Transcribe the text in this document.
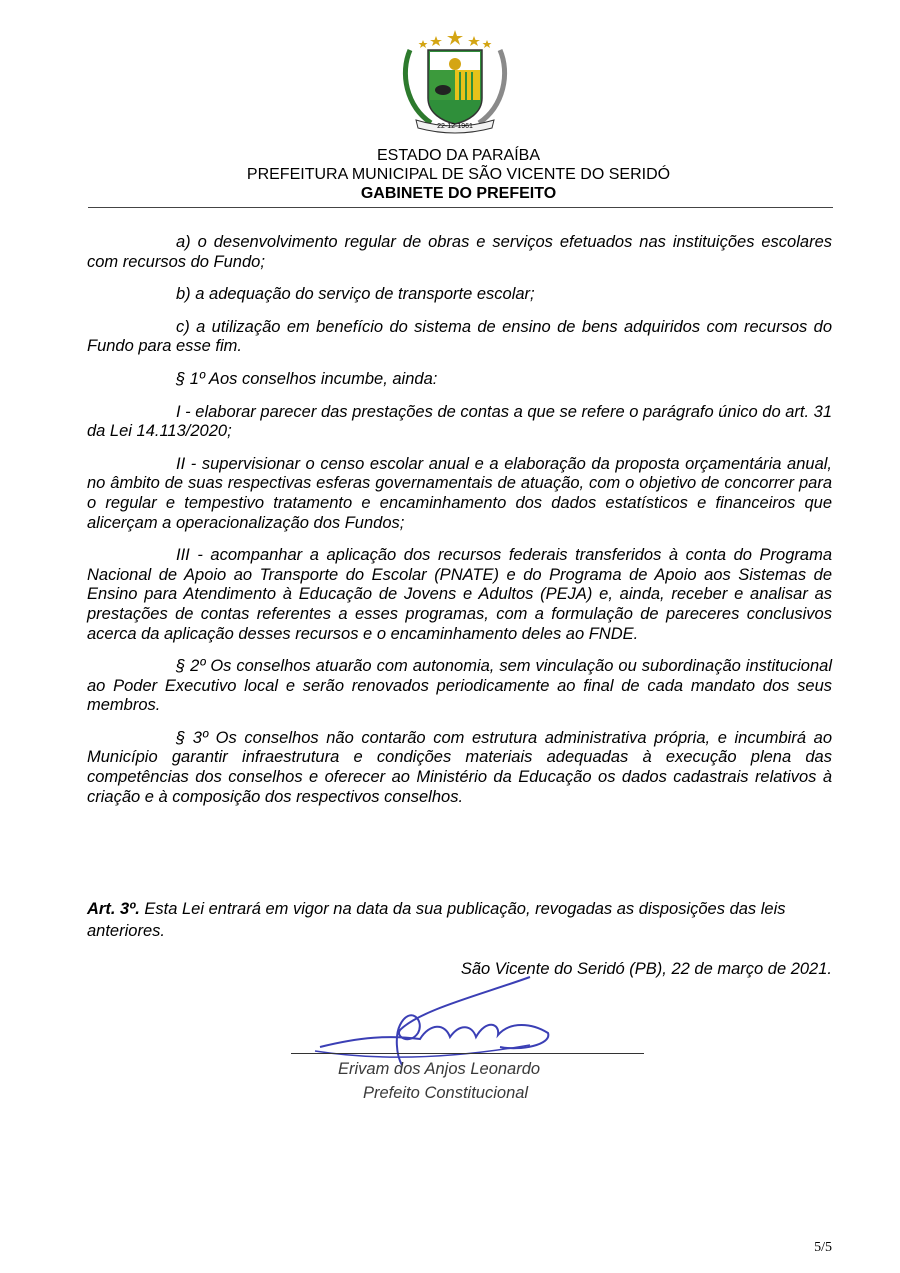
22·12·1961
ESTADO DA PARAÍBA
PREFEITURA MUNICIPAL DE SÃO VICENTE DO SERIDÓ
GABINETE DO PREFEITO

a) o desenvolvimento regular de obras e serviços efetuados nas instituições escolares com recursos do Fundo;

b) a adequação do serviço de transporte escolar;

c) a utilização em benefício do sistema de ensino de bens adquiridos com recursos do Fundo para esse fim.

§ 1º Aos conselhos incumbe, ainda:

I - elaborar parecer das prestações de contas a que se refere o parágrafo único do art. 31 da Lei 14.113/2020;

II - supervisionar o censo escolar anual e a elaboração da proposta orçamentária anual, no âmbito de suas respectivas esferas governamentais de atuação, com o objetivo de concorrer para o regular e tempestivo tratamento e encaminhamento dos dados estatísticos e financeiros que alicerçam a operacionalização dos Fundos;

III - acompanhar a aplicação dos recursos federais transferidos à conta do Programa Nacional de Apoio ao Transporte do Escolar (PNATE) e do Programa de Apoio aos Sistemas de Ensino para Atendimento à Educação de Jovens e Adultos (PEJA) e, ainda, receber e analisar as prestações de contas referentes a esses programas, com a formulação de pareceres conclusivos acerca da aplicação desses recursos e o encaminhamento deles ao FNDE.

§ 2º Os conselhos atuarão com autonomia, sem vinculação ou subordinação institucional ao Poder Executivo local e serão renovados periodicamente ao final de cada mandato dos seus membros.

§ 3º Os conselhos não contarão com estrutura administrativa própria, e incumbirá ao Município garantir infraestrutura e condições materiais adequadas à execução plena das competências dos conselhos e oferecer ao Ministério da Educação os dados cadastrais relativos à criação e à composição dos respectivos conselhos.

Art. 3º. Esta Lei entrará em vigor na data da sua publicação, revogadas as disposições das leis anteriores.
São Vicente do Seridó (PB), 22 de março de 2021.
Erivam dos Anjos Leonardo
Prefeito Constitucional
5/5
